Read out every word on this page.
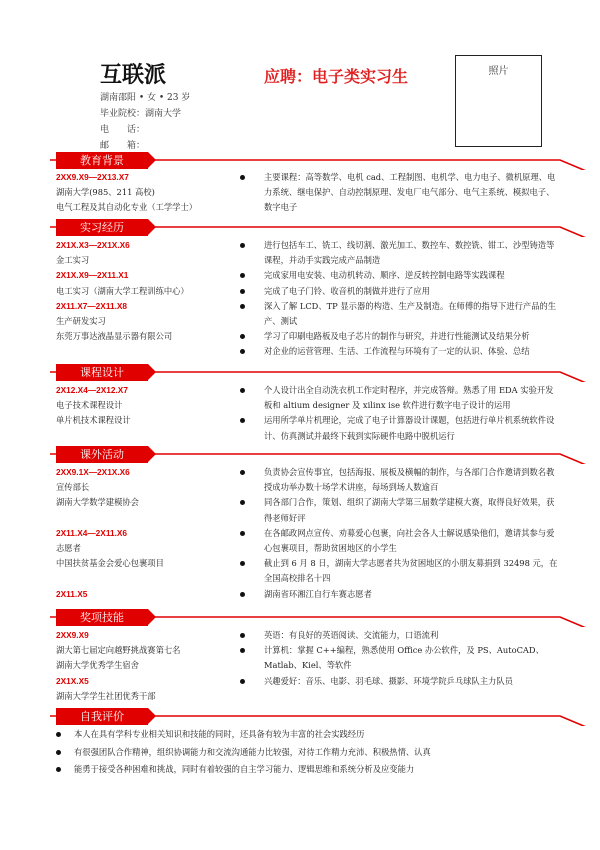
互联派	应聘：电子类实习生
湖南邵阳 • 女 • 23 岁
毕业院校：湖南大学
电　　话：
邮　　箱：
照片
教育背景
实习经历
课程设计
课外活动
奖项技能
自我评价
2XX9.X9—2X13.X7
湖南大学(985、211 高校)
电气工程及其自动化专业（工学学士）
主要课程：高等数学、电机 cad、工程制图、电机学、电力电子、微机原理、电力系统、继电保护、自动控制原理、发电厂电气部分、电气主系统、模拟电子、数字电子
2X1X.X3—2X1X.X6
金工实习
2X1X.X9—2X11.X1
电工实习（湖南大学工程训练中心）
2X11.X7—2X11.X8
生产研发实习
东莞万事达液晶显示器有限公司
进行包括车工、铣工、线切割、激光加工、数控车、数控铣、钳工、沙型铸造等课程，并动手实践完成产品制造
完成家用电安装、电动机转动、顺序、逆反转控制电路等实践课程
完成了电子门铃、收音机的制做并进行了应用
深入了解 LCD、TP 显示器的构造、生产及制造。在师傅的指导下进行产品的生产、测试
学习了印刷电路板及电子芯片的制作与研究，并进行性能测试及结果分析
对企业的运营管理、生活、工作流程与环境有了一定的认识、体验、总结
2X12.X4—2X12.X7
电子技术课程设计
单片机技术课程设计
个人设计出全自动洗衣机工作定时程序，并完成答辩。熟悉了用 EDA 实验开发板和 altium designer 及 xilinx ise 软件进行数字电子设计的运用
运用所学单片机理论，完成了电子计算器设计课题，包括进行单片机系统软件设计、仿真测试并最终下载到实际硬件电路中脱机运行
2XX9.1X—2X1X.X6
宣传部长
湖南大学数学建模协会
2X11.X4—2X11.X6
志愿者
中国扶贫基金会爱心包裹项目
2X11.X5
负责协会宣传事宜，包括海报、展板及横幅的制作，与各部门合作邀请到数名教授成功举办数十场学术讲座，每场到场人数逾百
同各部门合作，策划、组织了湖南大学第三届数学建模大赛，取得良好效果，获得老师好评
在各邮政网点宣传、劝募爱心包裹，向社会各人士解说感染他们，邀请其参与爱心包裹项目，帮助贫困地区的小学生
截止到 6 月 8 日，湖南大学志愿者共为贫困地区的小朋友募捐到 32498 元，在全国高校排名十四
湖南省环湘江自行车赛志愿者
2XX9.X9
湖大第七届定向越野挑战赛第七名
湖南大学优秀学生宿舍
2X1X.X5
湖南大学学生社团优秀干部
英语：有良好的英语阅读、交流能力，口语流利
计算机：掌握 C++编程，熟悉使用 Office 办公软件，及 PS、AutoCAD、Matlab、Kiel、等软件
兴趣爱好：音乐、电影、羽毛球、摄影、环境学院乒乓球队主力队员
本人在具有学科专业相关知识和技能的同时，还具备有较为丰富的社会实践经历
有很强团队合作精神，组织协调能力和交流沟通能力比较强，对待工作精力充沛、积极热情、认真
能勇于接受各种困难和挑战，同时有着较强的自主学习能力、逻辑思维和系统分析及应变能力
